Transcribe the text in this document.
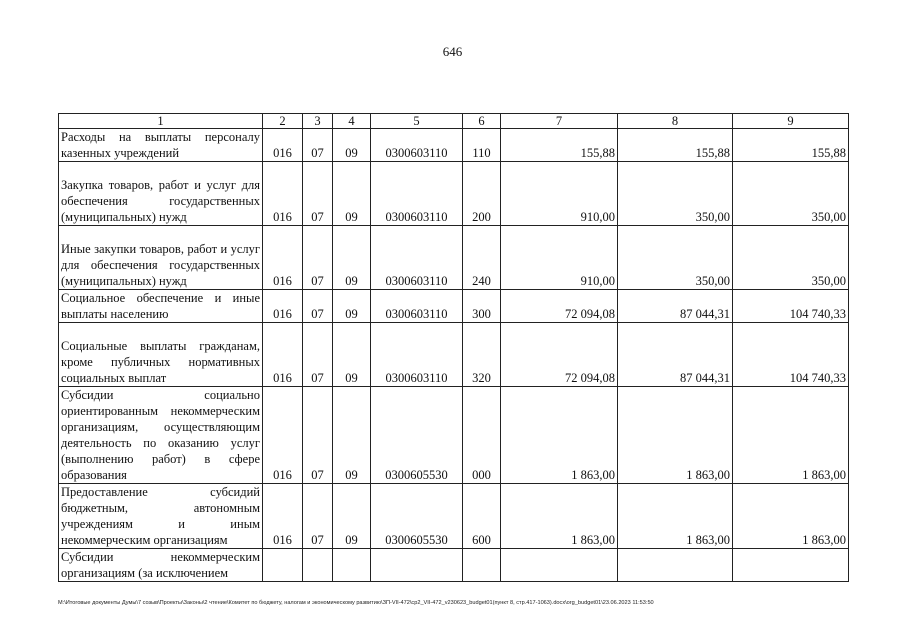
646
1	2	3	4	5	6	7	8	9
Расходы на выплаты персоналу казенных учреждений	016	07	09	0300603110	110	155,88	155,88	155,88
Закупка товаров, работ и услуг для обеспечения государственных (муниципальных) нужд	016	07	09	0300603110	200	910,00	350,00	350,00
Иные закупки товаров, работ и услуг для обеспечения государственных (муниципальных) нужд	016	07	09	0300603110	240	910,00	350,00	350,00
Социальное обеспечение и иные выплаты населению	016	07	09	0300603110	300	72 094,08	87 044,31	104 740,33
Социальные выплаты гражданам, кроме публичных нормативных социальных выплат	016	07	09	0300603110	320	72 094,08	87 044,31	104 740,33
Субсидии социально ориентированным некоммерческим организациям, осуществляющим деятельность по оказанию услуг (выполнению работ) в сфере образования	016	07	09	0300605530	000	1 863,00	1 863,00	1 863,00
Предоставление субсидий бюджетным, автономным учреждениям и иным некоммерческим организациям	016	07	09	0300605530	600	1 863,00	1 863,00	1 863,00
Субсидии некоммерческим организациям (за исключением								
M:\Итоговые документы Думы\7 созыв\Проекты\Законы\2 чтение\Комитет по бюджету, налогам и экономическому развитию\ЗП-VII-472\ср2_VII-472_v230623_budget01(пункт 8, стр.417-1063).docx\org_budget01\23.06.2023 11:53:50
